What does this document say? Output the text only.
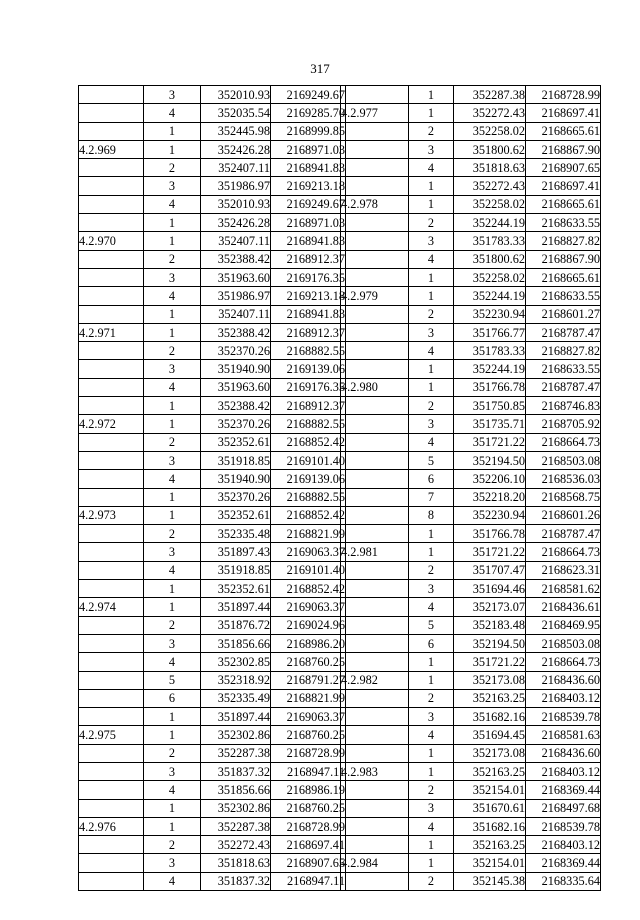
317
	3	352010.93	2169249.67
	4	352035.54	2169285.70
	1	352445.98	2168999.85
4.2.969	1	352426.28	2168971.03
	2	352407.11	2168941.83
	3	351986.97	2169213.18
	4	352010.93	2169249.67
	1	352426.28	2168971.03
4.2.970	1	352407.11	2168941.83
	2	352388.42	2168912.37
	3	351963.60	2169176.35
	4	351986.97	2169213.18
	1	352407.11	2168941.83
4.2.971	1	352388.42	2168912.37
	2	352370.26	2168882.55
	3	351940.90	2169139.06
	4	351963.60	2169176.35
	1	352388.42	2168912.37
4.2.972	1	352370.26	2168882.55
	2	352352.61	2168852.42
	3	351918.85	2169101.40
	4	351940.90	2169139.06
	1	352370.26	2168882.55
4.2.973	1	352352.61	2168852.42
	2	352335.48	2168821.99
	3	351897.43	2169063.37
	4	351918.85	2169101.40
	1	352352.61	2168852.42
4.2.974	1	351897.44	2169063.37
	2	351876.72	2169024.96
	3	351856.66	2168986.20
	4	352302.85	2168760.25
	5	352318.92	2168791.27
	6	352335.49	2168821.99
	1	351897.44	2169063.37
4.2.975	1	352302.86	2168760.25
	2	352287.38	2168728.99
	3	351837.32	2168947.11
	4	351856.66	2168986.19
	1	352302.86	2168760.25
4.2.976	1	352287.38	2168728.99
	2	352272.43	2168697.41
	3	351818.63	2168907.65
	4	351837.32	2168947.11
	1	352287.38	2168728.99
4.2.977	1	352272.43	2168697.41
	2	352258.02	2168665.61
	3	351800.62	2168867.90
	4	351818.63	2168907.65
	1	352272.43	2168697.41
4.2.978	1	352258.02	2168665.61
	2	352244.19	2168633.55
	3	351783.33	2168827.82
	4	351800.62	2168867.90
	1	352258.02	2168665.61
4.2.979	1	352244.19	2168633.55
	2	352230.94	2168601.27
	3	351766.77	2168787.47
	4	351783.33	2168827.82
	1	352244.19	2168633.55
4.2.980	1	351766.78	2168787.47
	2	351750.85	2168746.83
	3	351735.71	2168705.92
	4	351721.22	2168664.73
	5	352194.50	2168503.08
	6	352206.10	2168536.03
	7	352218.20	2168568.75
	8	352230.94	2168601.26
	1	351766.78	2168787.47
4.2.981	1	351721.22	2168664.73
	2	351707.47	2168623.31
	3	351694.46	2168581.62
	4	352173.07	2168436.61
	5	352183.48	2168469.95
	6	352194.50	2168503.08
	1	351721.22	2168664.73
4.2.982	1	352173.08	2168436.60
	2	352163.25	2168403.12
	3	351682.16	2168539.78
	4	351694.45	2168581.63
	1	352173.08	2168436.60
4.2.983	1	352163.25	2168403.12
	2	352154.01	2168369.44
	3	351670.61	2168497.68
	4	351682.16	2168539.78
	1	352163.25	2168403.12
4.2.984	1	352154.01	2168369.44
	2	352145.38	2168335.64
